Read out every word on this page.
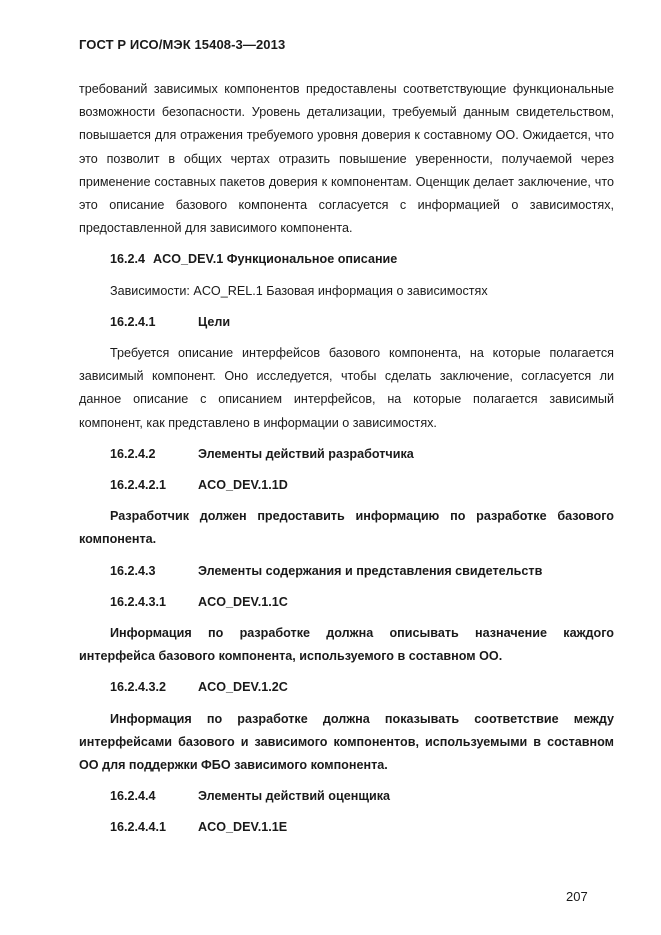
ГОСТ Р ИСО/МЭК 15408-3—2013

требований зависимых компонентов предоставлены соответствующие функциональные возможности безопасности. Уровень детализации, требуемый данным свидетельством, повышается для отражения требуемого уровня доверия к составному ОО. Ожидается, что это позволит в общих чертах отразить повышение уверенности, получаемой через применение составных пакетов доверия к компонентам. Оценщик делает заключение, что это описание базового компонента согласуется с информацией о зависимостях, предоставленной для зависимого компонента.

16.2.4 ACO_DEV.1 Функциональное описание

Зависимости: ACO_REL.1 Базовая информация о зависимостях

16.2.4.1	Цели

Требуется описание интерфейсов базового компонента, на которые полагается зависимый компонент. Оно исследуется, чтобы сделать заключение, согласуется ли данное описание с описанием интерфейсов, на которые полагается зависимый компонент, как представлено в информации о зависимостях.

16.2.4.2	Элементы действий разработчика
16.2.4.2.1	ACO_DEV.1.1D

Разработчик должен предоставить информацию по разработке базового компонента.

16.2.4.3	Элементы содержания и представления свидетельств
16.2.4.3.1	ACO_DEV.1.1C

Информация по разработке должна описывать назначение каждого интерфейса базового компонента, используемого в составном ОО.

16.2.4.3.2	ACO_DEV.1.2C

Информация по разработке должна показывать соответствие между интерфейсами базового и зависимого компонентов, используемыми в составном ОО для поддержки ФБО зависимого компонента.

16.2.4.4	Элементы действий оценщика
16.2.4.4.1	ACO_DEV.1.1E
207
